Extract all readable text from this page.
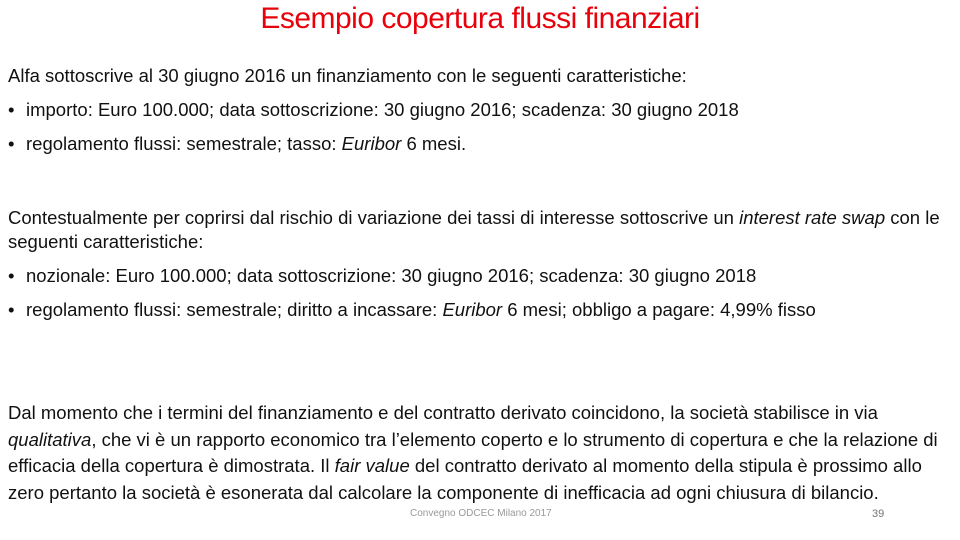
Esempio copertura flussi finanziari

Alfa sottoscrive al 30 giugno 2016 un finanziamento con le seguenti caratteristiche:

• importo: Euro 100.000; data sottoscrizione: 30 giugno 2016; scadenza: 30 giugno 2018

• regolamento flussi: semestrale; tasso: Euribor 6 mesi.

Contestualmente per coprirsi dal rischio di variazione dei tassi di interesse sottoscrive un interest rate swap con le seguenti caratteristiche:

• nozionale: Euro 100.000; data sottoscrizione: 30 giugno 2016; scadenza: 30 giugno 2018

• regolamento flussi: semestrale; diritto a incassare: Euribor 6 mesi; obbligo a pagare: 4,99% fisso

Dal momento che i termini del finanziamento e del contratto derivato coincidono, la società stabilisce in via qualitativa, che vi è un rapporto economico tra l’elemento coperto e lo strumento di copertura e che la relazione di efficacia della copertura è dimostrata. Il fair value del contratto derivato al momento della stipula è prossimo allo zero pertanto la società è esonerata dal calcolare la componente di inefficacia ad ogni chiusura di bilancio.

Convegno ODCEC Milano 2017	39
